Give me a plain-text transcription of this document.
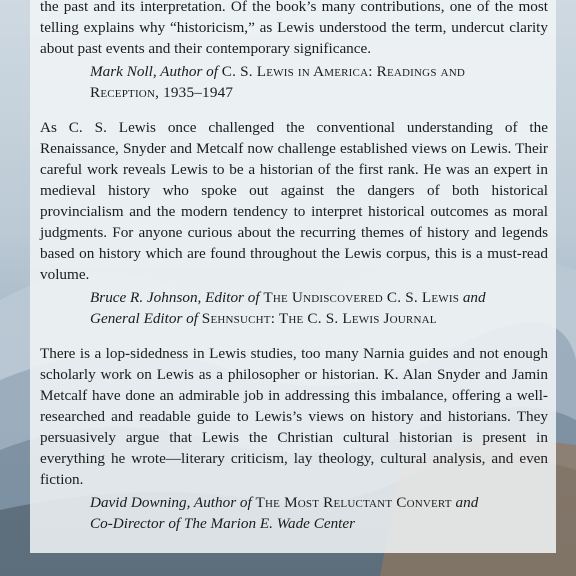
the past and its interpretation. Of the book’s many contributions, one of the most telling explains why “historicism,” as Lewis understood the term, undercut clarity about past events and their contemporary significance.

Mark Noll, Author of C. S. Lewis in America: Readings and
Reception, 1935–1947

As C. S. Lewis once challenged the conventional understanding of the Renaissance, Snyder and Metcalf now challenge established views on Lewis. Their careful work reveals Lewis to be a historian of the first rank. He was an expert in medieval history who spoke out against the dangers of both historical provincialism and the modern tendency to interpret historical outcomes as moral judgments. For anyone curious about the recurring themes of history and legends based on history which are found throughout the Lewis corpus, this is a must-read volume.

Bruce R. Johnson, Editor of The Undiscovered C. S. Lewis and
General Editor of Sehnsucht: The C. S. Lewis Journal

There is a lop-sidedness in Lewis studies, too many Narnia guides and not enough scholarly work on Lewis as a philosopher or historian. K. Alan Snyder and Jamin Metcalf have done an admirable job in addressing this imbalance, offering a well-researched and readable guide to Lewis’s views on history and historians. They persuasively argue that Lewis the Christian cultural historian is present in everything he wrote—literary criticism, lay theology, cultural analysis, and even fiction.

David Downing, Author of The Most Reluctant Convert and
Co-Director of The Marion E. Wade Center
